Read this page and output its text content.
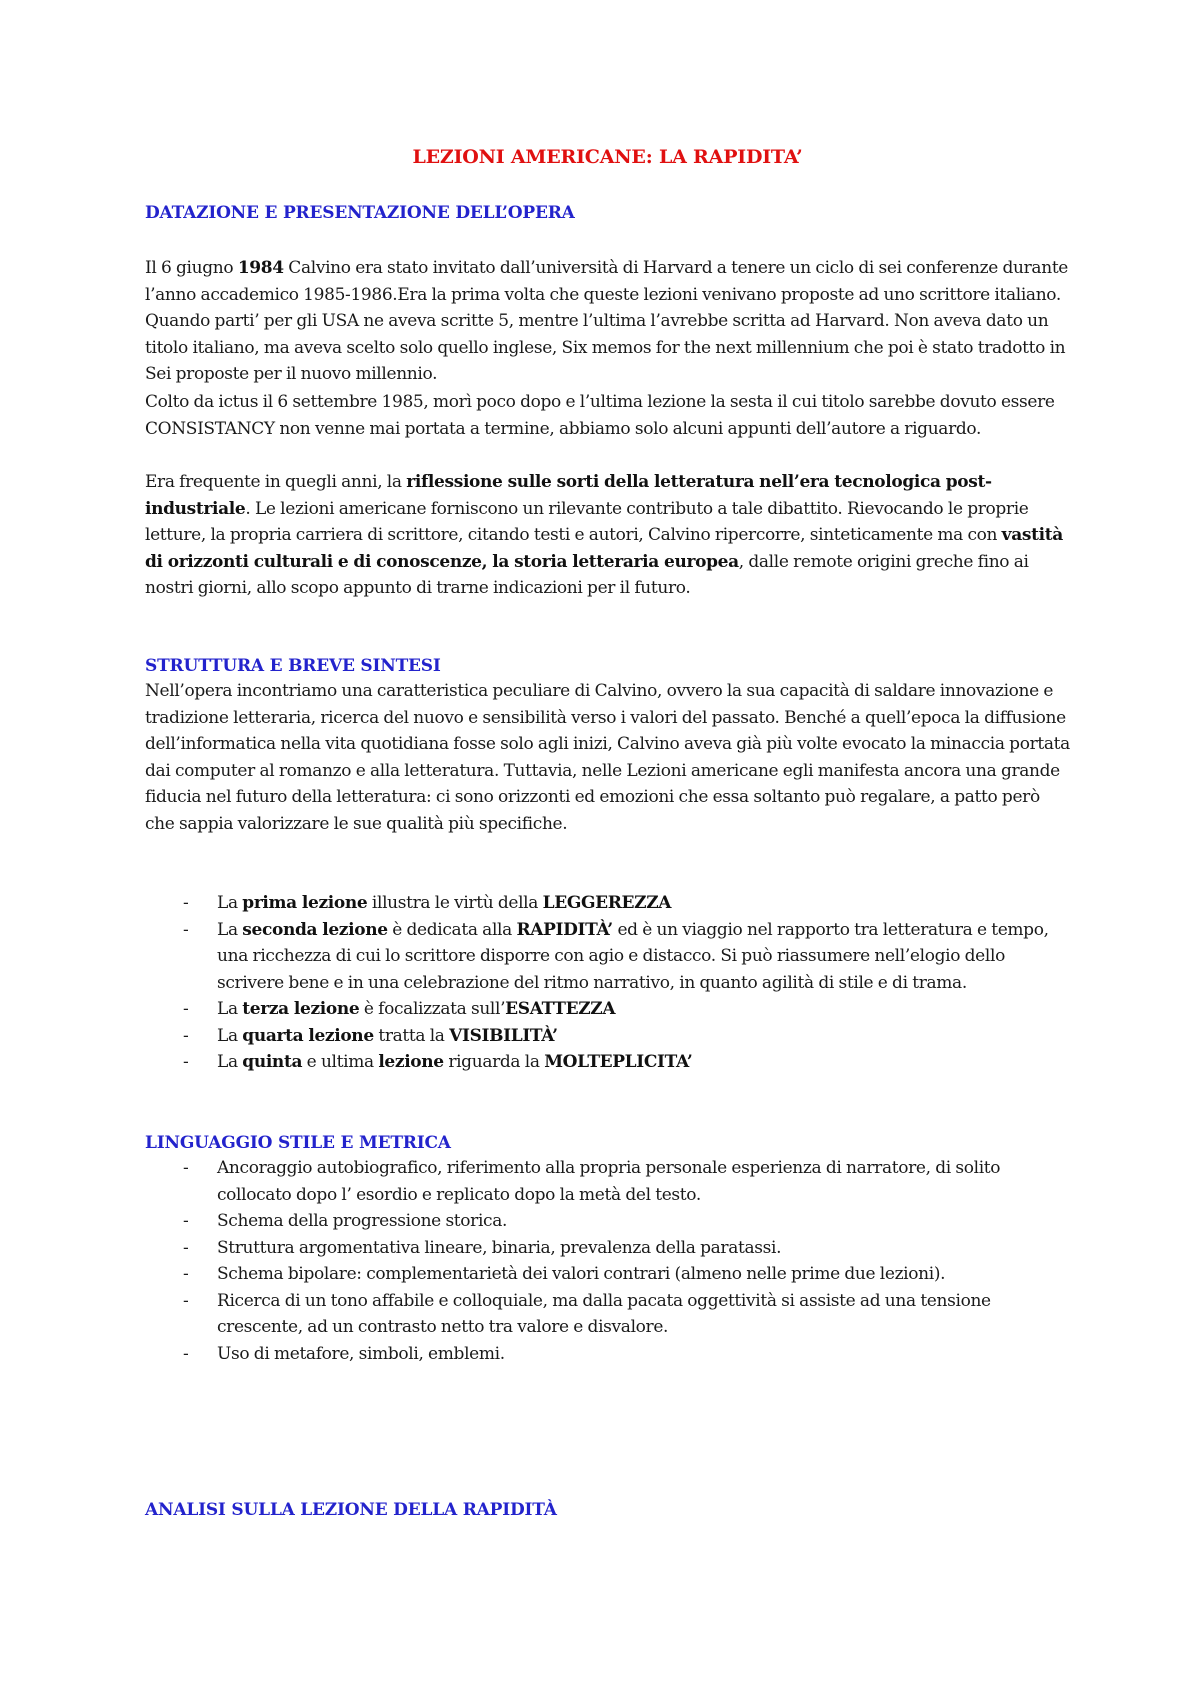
LEZIONI AMERICANE: LA RAPIDITA’
DATAZIONE E PRESENTAZIONE DELL’OPERA

Il 6 giugno 1984 Calvino era stato invitato dall’università di Harvard a tenere un ciclo di sei conferenze durante l’anno accademico 1985-1986.Era la prima volta che queste lezioni venivano proposte ad uno scrittore italiano. Quando parti’ per gli USA ne aveva scritte 5, mentre l’ultima l’avrebbe scritta ad Harvard. Non aveva dato un titolo italiano, ma aveva scelto solo quello inglese, Six memos for the next millennium che poi è stato tradotto in Sei proposte per il nuovo millennio.

Colto da ictus il 6 settembre 1985, morì poco dopo e l’ultima lezione la sesta il cui titolo sarebbe dovuto essere CONSISTANCY non venne mai portata a termine, abbiamo solo alcuni appunti dell’autore a riguardo.

Era frequente in quegli anni, la riflessione sulle sorti della letteratura nell’era tecnologica post-industriale. Le lezioni americane forniscono un rilevante contributo a tale dibattito. Rievocando le proprie letture, la propria carriera di scrittore, citando testi e autori, Calvino ripercorre, sinteticamente ma con vastità di orizzonti culturali e di conoscenze, la storia letteraria europea, dalle remote origini greche fino ai nostri giorni, allo scopo appunto di trarne indicazioni per il futuro.

STRUTTURA E BREVE SINTESI

Nell’opera incontriamo una caratteristica peculiare di Calvino, ovvero la sua capacità di saldare innovazione e tradizione letteraria, ricerca del nuovo e sensibilità verso i valori del passato. Benché a quell’epoca la diffusione dell’informatica nella vita quotidiana fosse solo agli inizi, Calvino aveva già più volte evocato la minaccia portata dai computer al romanzo e alla letteratura. Tuttavia, nelle Lezioni americane egli manifesta ancora una grande fiducia nel futuro della letteratura: ci sono orizzonti ed emozioni che essa soltanto può regalare, a patto però che sappia valorizzare le sue qualità più specifiche.

- La prima lezione illustra le virtù della LEGGEREZZA
- La seconda lezione è dedicata alla RAPIDITÀ’ ed è un viaggio nel rapporto tra letteratura e tempo, una ricchezza di cui lo scrittore disporre con agio e distacco. Si può riassumere nell’elogio dello scrivere bene e in una celebrazione del ritmo narrativo, in quanto agilità di stile e di trama.
- La terza lezione è focalizzata sull’ESATTEZZA
- La quarta lezione tratta la VISIBILITÀ’
- La quinta e ultima lezione riguarda la MOLTEPLICITA’
LINGUAGGIO STILE E METRICA
- Ancoraggio autobiografico, riferimento alla propria personale esperienza di narratore, di solito collocato dopo l’ esordio e replicato dopo la metà del testo.
- Schema della progressione storica.
- Struttura argomentativa lineare, binaria, prevalenza della paratassi.
- Schema bipolare: complementarietà dei valori contrari (almeno nelle prime due lezioni).
- Ricerca di un tono affabile e colloquiale, ma dalla pacata oggettività si assiste ad una tensione crescente, ad un contrasto netto tra valore e disvalore.
- Uso di metafore, simboli, emblemi.
ANALISI SULLA LEZIONE DELLA RAPIDITÀ
